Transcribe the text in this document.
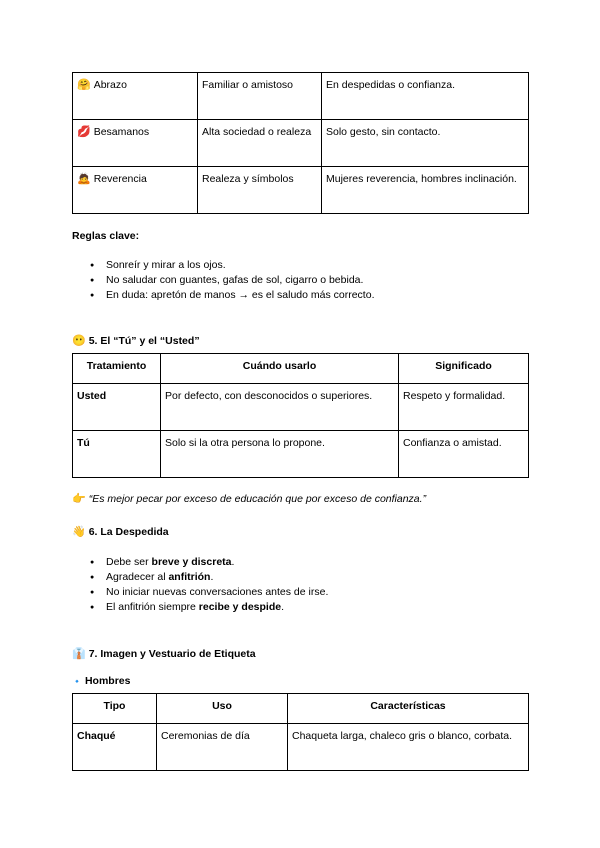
🤗 Abrazo	Familiar o amistoso	En despedidas o confianza.
💋 Besamanos	Alta sociedad o realeza	Solo gesto, sin contacto.
🙇 Reverencia	Realeza y símbolos	Mujeres reverencia, hombres inclinación.
Reglas clave:
● Sonreír y mirar a los ojos.
● No saludar con guantes, gafas de sol, cigarro o bebida.
● En duda: apretón de manos → es el saludo más correcto.
😶 5. El “Tú” y el “Usted”
Tratamiento	Cuándo usarlo	Significado
Usted	Por defecto, con desconocidos o superiores.	Respeto y formalidad.
Tú	Solo si la otra persona lo propone.	Confianza o amistad.
👉 “Es mejor pecar por exceso de educación que por exceso de confianza.”
👋 6. La Despedida
● Debe ser breve y discreta.
● Agradecer al anfitrión.
● No iniciar nuevas conversaciones antes de irse.
● El anfitrión siempre recibe y despide.
👔 7. Imagen y Vestuario de Etiqueta
🔹 Hombres
Tipo	Uso	Características
Chaqué	Ceremonias de día	Chaqueta larga, chaleco gris o blanco, corbata.
